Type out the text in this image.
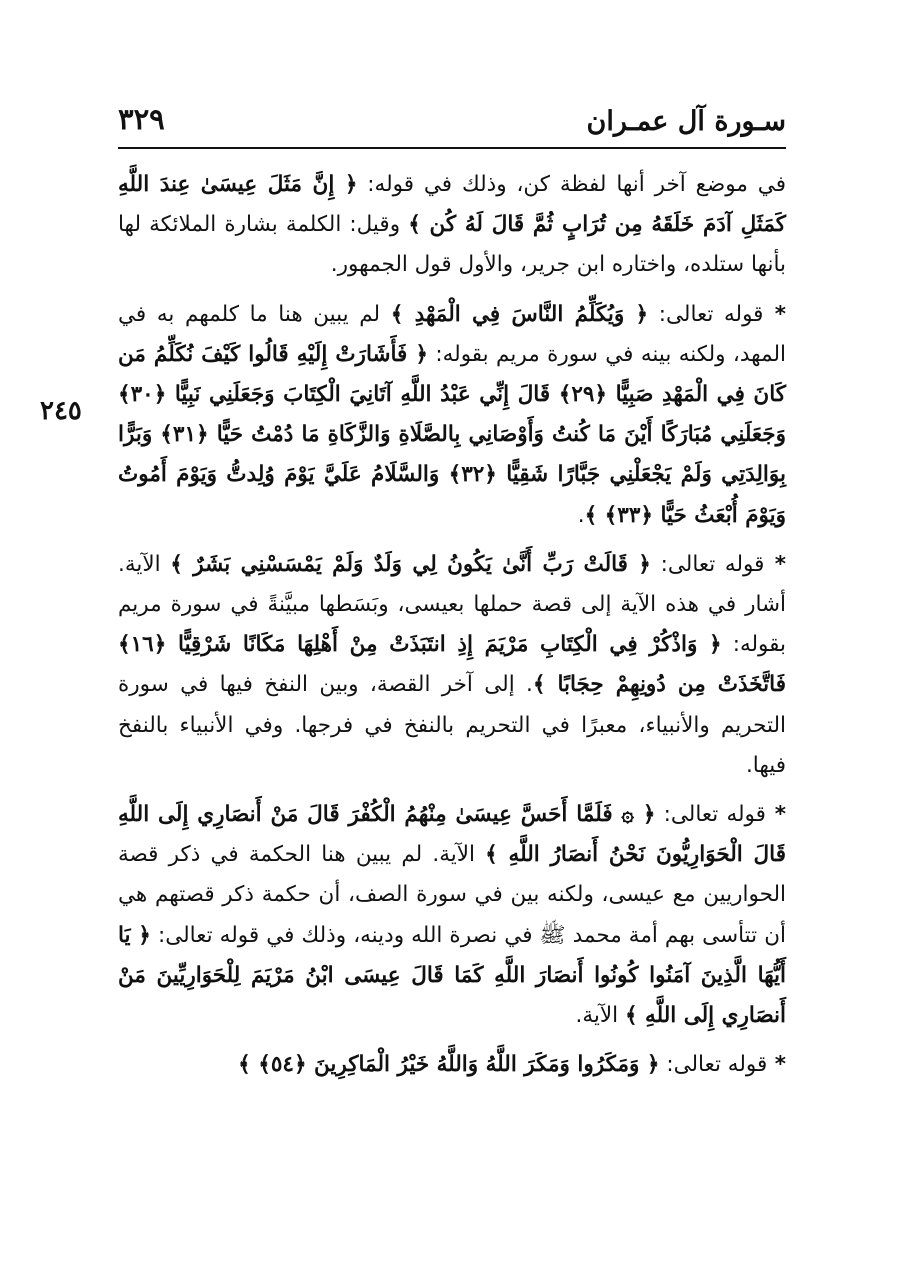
سـورة آل عمـران
٣٢٩
٢٤٥

في موضع آخر أنها لفظة كن، وذلك في قوله: ﴿ إِنَّ مَثَلَ عِيسَىٰ عِندَ اللَّهِ كَمَثَلِ آدَمَ خَلَقَهُ مِن تُرَابٍ ثُمَّ قَالَ لَهُ كُن ﴾ وقيل: الكلمة بشارة الملائكة لها بأنها ستلده، واختاره ابن جرير، والأول قول الجمهور.

* قوله تعالى: ﴿ وَيُكَلِّمُ النَّاسَ فِي الْمَهْدِ ﴾ لم يبين هنا ما كلمهم به في المهد، ولكنه بينه في سورة مريم بقوله: ﴿ فَأَشَارَتْ إِلَيْهِ قَالُوا كَيْفَ نُكَلِّمُ مَن كَانَ فِي الْمَهْدِ صَبِيًّا ﴿٢٩﴾ قَالَ إِنِّي عَبْدُ اللَّهِ آتَانِيَ الْكِتَابَ وَجَعَلَنِي نَبِيًّا ﴿٣٠﴾ وَجَعَلَنِي مُبَارَكًا أَيْنَ مَا كُنتُ وَأَوْصَانِي بِالصَّلَاةِ وَالزَّكَاةِ مَا دُمْتُ حَيًّا ﴿٣١﴾ وَبَرًّا بِوَالِدَتِي وَلَمْ يَجْعَلْنِي جَبَّارًا شَقِيًّا ﴿٣٢﴾ وَالسَّلَامُ عَلَيَّ يَوْمَ وُلِدتُّ وَيَوْمَ أَمُوتُ وَيَوْمَ أُبْعَثُ حَيًّا ﴿٣٣﴾ ﴾.

* قوله تعالى: ﴿ قَالَتْ رَبِّ أَنَّىٰ يَكُونُ لِي وَلَدٌ وَلَمْ يَمْسَسْنِي بَشَرٌ ﴾ الآية. أشار في هذه الآية إلى قصة حملها بعيسى، وبَسَطها مبيَّنةً في سورة مريم بقوله: ﴿ وَاذْكُرْ فِي الْكِتَابِ مَرْيَمَ إِذِ انتَبَذَتْ مِنْ أَهْلِهَا مَكَانًا شَرْقِيًّا ﴿١٦﴾ فَاتَّخَذَتْ مِن دُونِهِمْ حِجَابًا ﴾. إلى آخر القصة، وبين النفخ فيها في سورة التحريم والأنبياء، معبرًا في التحريم بالنفخ في فرجها. وفي الأنبياء بالنفخ فيها.

* قوله تعالى: ﴿ ۞ فَلَمَّا أَحَسَّ عِيسَىٰ مِنْهُمُ الْكُفْرَ قَالَ مَنْ أَنصَارِي إِلَى اللَّهِ قَالَ الْحَوَارِيُّونَ نَحْنُ أَنصَارُ اللَّهِ ﴾ الآية. لم يبين هنا الحكمة في ذكر قصة الحواريين مع عيسى، ولكنه بين في سورة الصف، أن حكمة ذكر قصتهم هي أن تتأسى بهم أمة محمد ﷺ في نصرة الله ودينه، وذلك في قوله تعالى: ﴿ يَا أَيُّهَا الَّذِينَ آمَنُوا كُونُوا أَنصَارَ اللَّهِ كَمَا قَالَ عِيسَى ابْنُ مَرْيَمَ لِلْحَوَارِيِّينَ مَنْ أَنصَارِي إِلَى اللَّهِ ﴾ الآية.

* قوله تعالى: ﴿ وَمَكَرُوا وَمَكَرَ اللَّهُ وَاللَّهُ خَيْرُ الْمَاكِرِينَ ﴿٥٤﴾ ﴾
